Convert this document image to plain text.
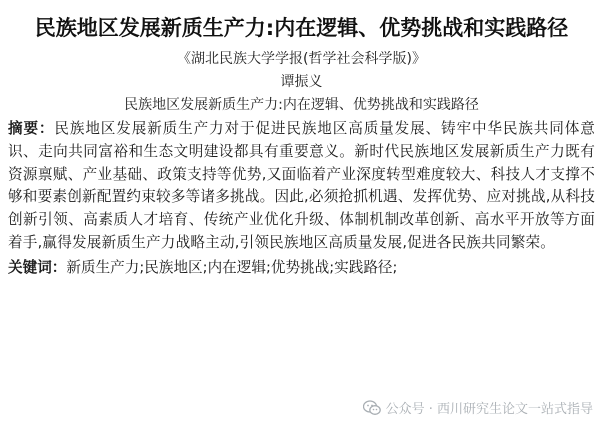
民族地区发展新质生产力:内在逻辑、优势挑战和实践路径

《湖北民族大学学报(哲学社会科学版)》

谭振义

民族地区发展新质生产力:内在逻辑、优势挑战和实践路径

摘要：民族地区发展新质生产力对于促进民族地区高质量发展、铸牢中华民族共同体意识、走向共同富裕和生态文明建设都具有重要意义。新时代民族地区发展新质生产力既有资源禀赋、产业基础、政策支持等优势,又面临着产业深度转型难度较大、科技人才支撑不够和要素创新配置约束较多等诸多挑战。因此,必须抢抓机遇、发挥优势、应对挑战,从科技创新引领、高素质人才培育、传统产业优化升级、体制机制改革创新、高水平开放等方面着手,赢得发展新质生产力战略主动,引领民族地区高质量发展,促进各民族共同繁荣。
关键词：新质生产力;民族地区;内在逻辑;优势挑战;实践路径;
公众号 · 西川研究生论文一站式指导
